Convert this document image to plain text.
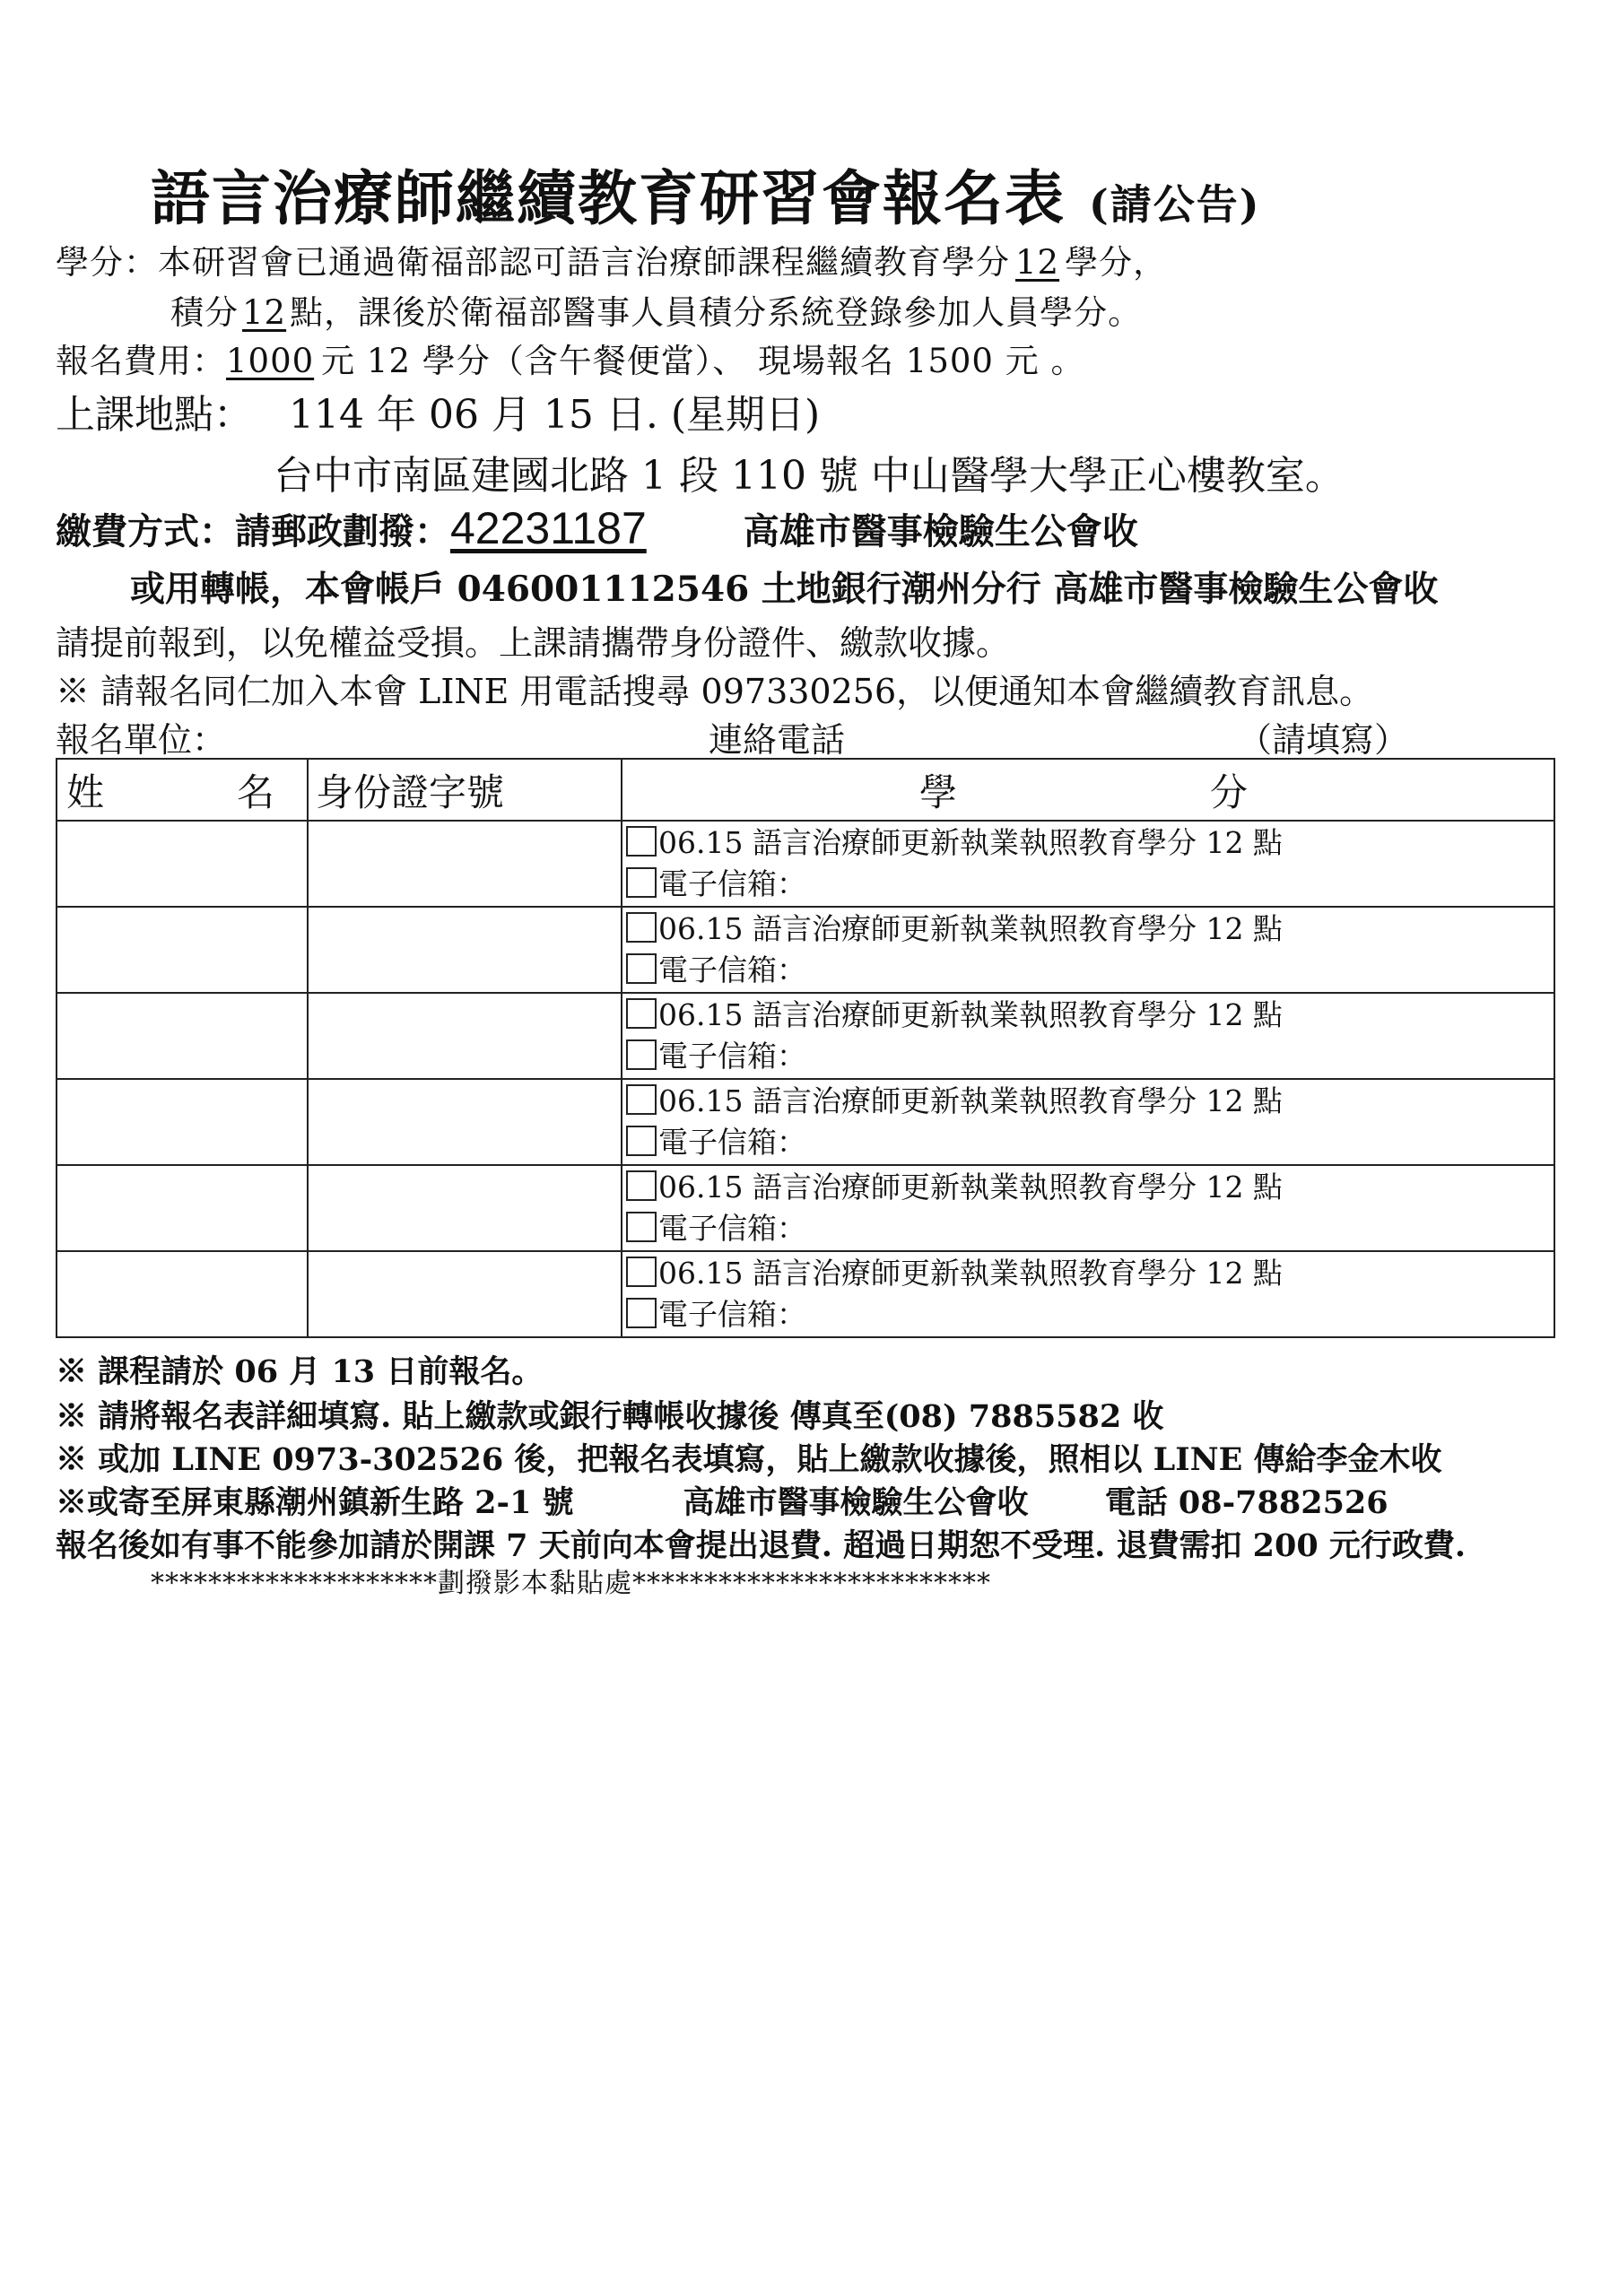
語言治療師繼續教育研習會報名表 (請公告)
學分：本研習會已通過衛福部認可語言治療師課程繼續教育學分 12 學分，
積分 12 點，課後於衛福部醫事人員積分系統登錄參加人員學分。
報名費用：1000 元 12 學分（含午餐便當）、 現場報名 1500 元 。
上課地點： 114 年 06 月 15 日. (星期日)
台中市南區建國北路 1 段 110 號 中山醫學大學正心樓教室。
繳費方式：請郵政劃撥：42231187	高雄市醫事檢驗生公會收
或用轉帳，本會帳戶 046001112546 土地銀行潮州分行 高雄市醫事檢驗生公會收
請提前報到，以免權益受損。上課請攜帶身份證件、繳款收據。
※ 請報名同仁加入本會 LINE 用電話搜尋 097330256，以便通知本會繼續教育訊息。
報名單位：	連絡電話	（請填寫）
姓 名	身份證字號	學 分

		06.15 語言治療師更新執業執照教育學分 12 點
電子信箱：

		06.15 語言治療師更新執業執照教育學分 12 點
電子信箱：

		06.15 語言治療師更新執業執照教育學分 12 點
電子信箱：

		06.15 語言治療師更新執業執照教育學分 12 點
電子信箱：

		06.15 語言治療師更新執業執照教育學分 12 點
電子信箱：

		06.15 語言治療師更新執業執照教育學分 12 點
電子信箱：
※ 課程請於 06 月 13 日前報名。
※ 請將報名表詳細填寫. 貼上繳款或銀行轉帳收據後 傳真至(08) 7885582 收
※ 或加 LINE 0973-302526 後，把報名表填寫，貼上繳款收據後，照相以 LINE 傳給李金木收
※或寄至屏東縣潮州鎮新生路 2-1 號          高雄市醫事檢驗生公會收       電話 08-7882526
報名後如有事不能參加請於開課 7 天前向本會提出退費. 超過日期恕不受理. 退費需扣 200 元行政費.
********************劃撥影本黏貼處*************************
